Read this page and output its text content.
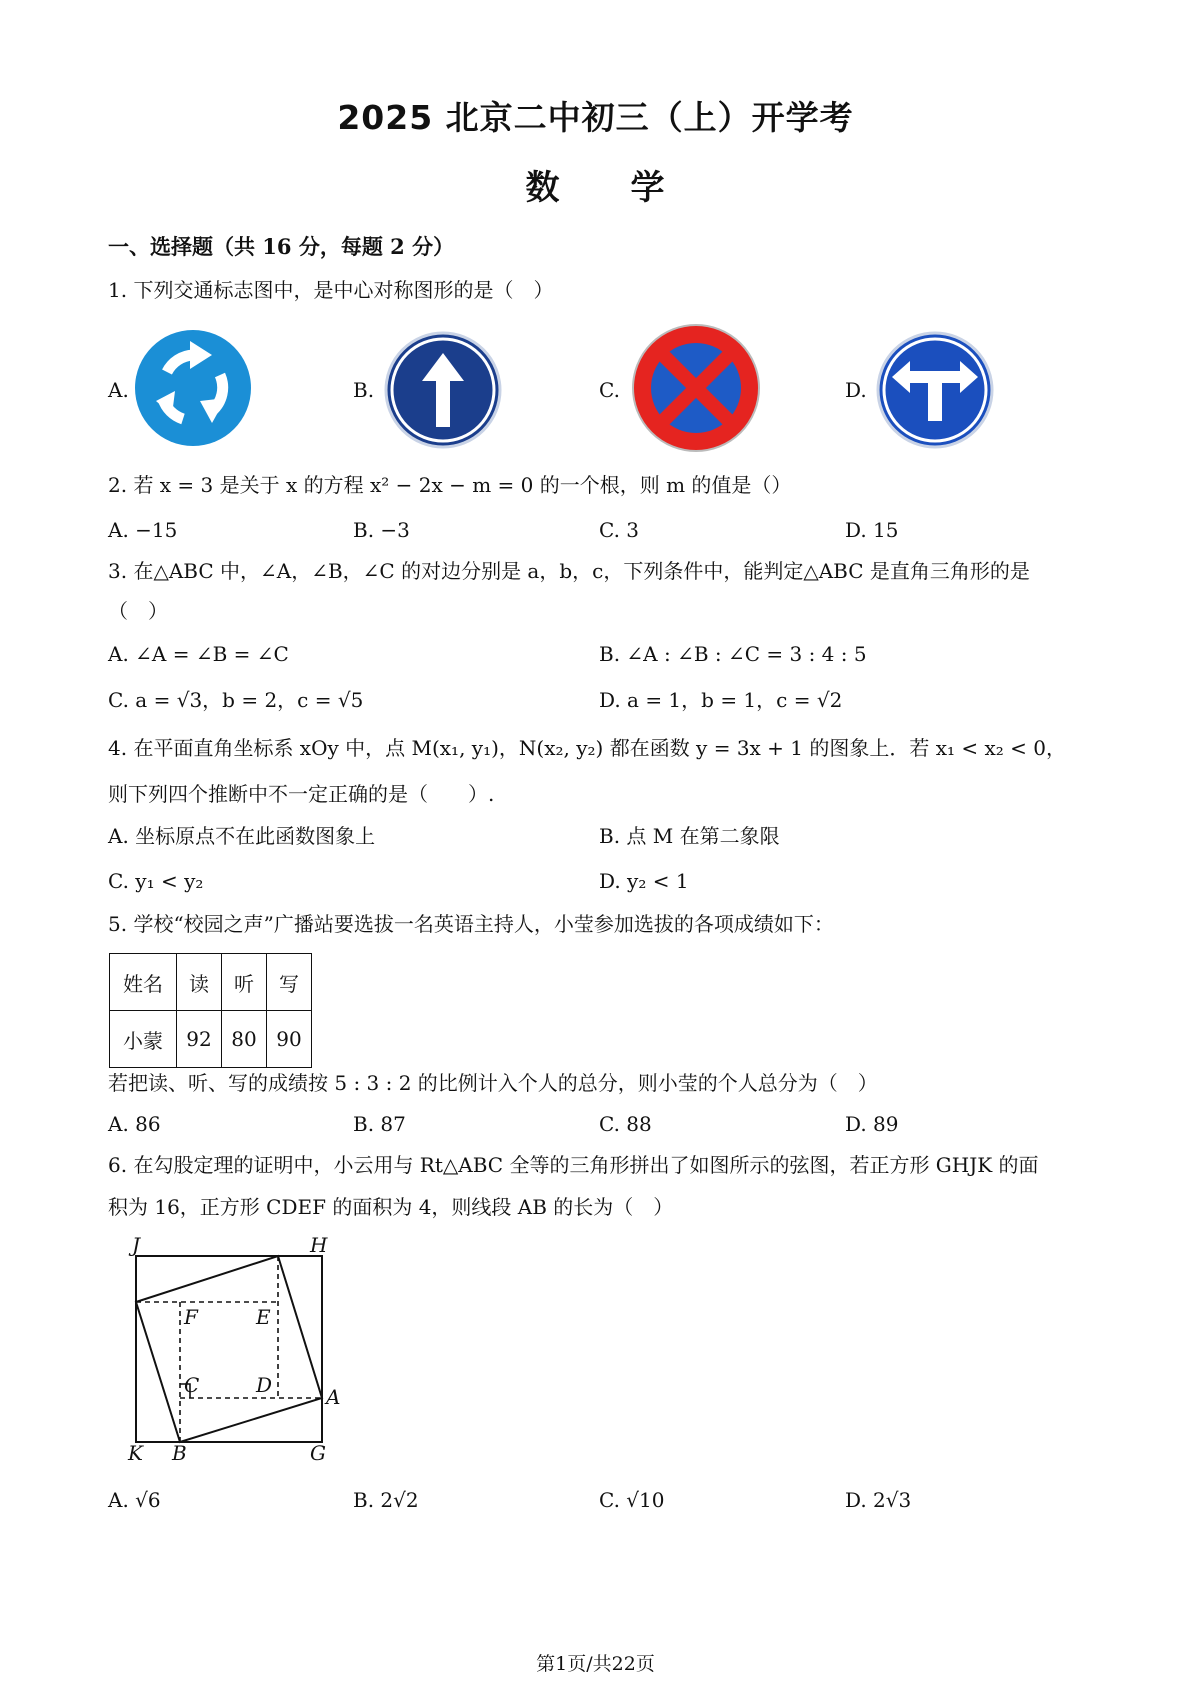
2025 北京二中初三（上）开学考
数　　学
一、选择题（共 16 分，每题 2 分）
1. 下列交通标志图中，是中心对称图形的是（　）
A.	B.	C.	D.
2. 若 x = 3 是关于 x 的方程 x² − 2x − m = 0 的一个根，则 m 的值是（）
A. −15	B. −3	C. 3	D. 15
3. 在△ABC 中，∠A，∠B，∠C 的对边分别是 a，b，c，下列条件中，能判定△ABC 是直角三角形的是
（　）
A. ∠A = ∠B = ∠C	B. ∠A : ∠B : ∠C = 3 : 4 : 5
C. a = √3，b = 2，c = √5	D. a = 1，b = 1，c = √2
4. 在平面直角坐标系 xOy 中，点 M(x₁, y₁)，N(x₂, y₂) 都在函数 y = 3x + 1 的图象上．若 x₁ < x₂ < 0，
则下列四个推断中不一定正确的是（　　）.
A. 坐标原点不在此函数图象上	B. 点 M 在第二象限
C. y₁ < y₂	D. y₂ < 1
5. 学校“校园之声”广播站要选拔一名英语主持人，小莹参加选拔的各项成绩如下：
姓名	读	听	写
小蒙	92	80	90
若把读、听、写的成绩按 5 : 3 : 2 的比例计入个人的总分，则小莹的个人总分为（　）
A. 86	B. 87	C. 88	D. 89
6. 在勾股定理的证明中，小云用与 Rt△ABC 全等的三角形拼出了如图所示的弦图，若正方形 GHJK 的面
积为 16，正方形 CDEF 的面积为 4，则线段 AB 的长为（　）
J	H
F	E
C	D	A
K B	G
A. √6	B. 2√2	C. √10	D. 2√3
第1页/共22页
